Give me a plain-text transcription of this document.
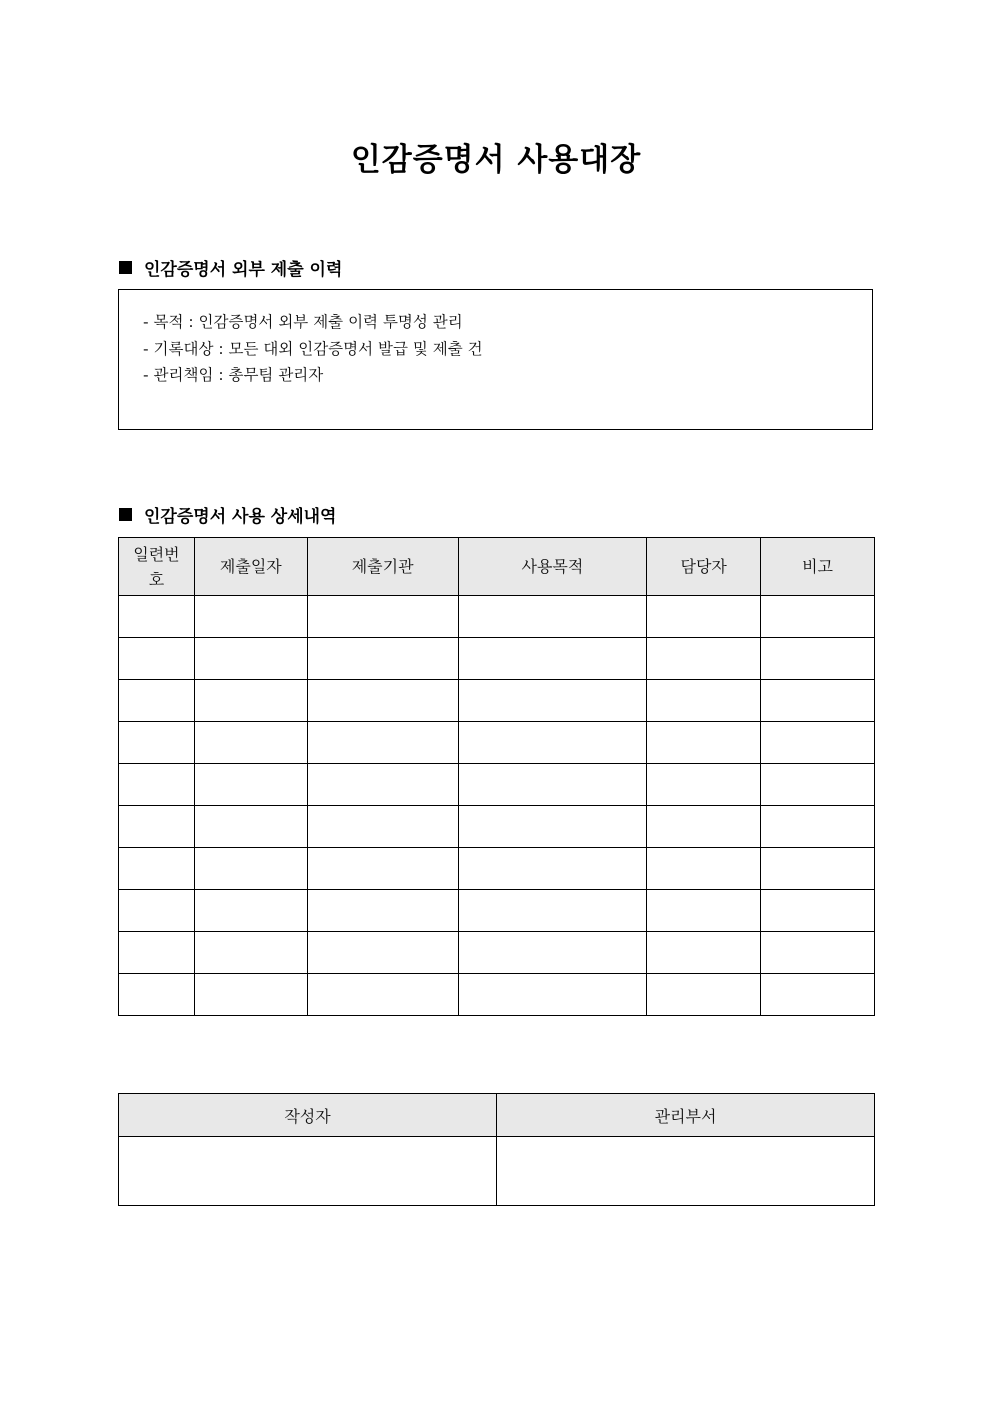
인감증명서 사용대장
인감증명서 외부 제출 이력
- 목적 : 인감증명서 외부 제출 이력 투명성 관리
- 기록대상 : 모든 대외 인감증명서 발급 및 제출 건
- 관리책임 : 총무팀 관리자
인감증명서 사용 상세내역
일련번
호	제출일자	제출기관	사용목적	담당자	비고

작성자	관리부서
